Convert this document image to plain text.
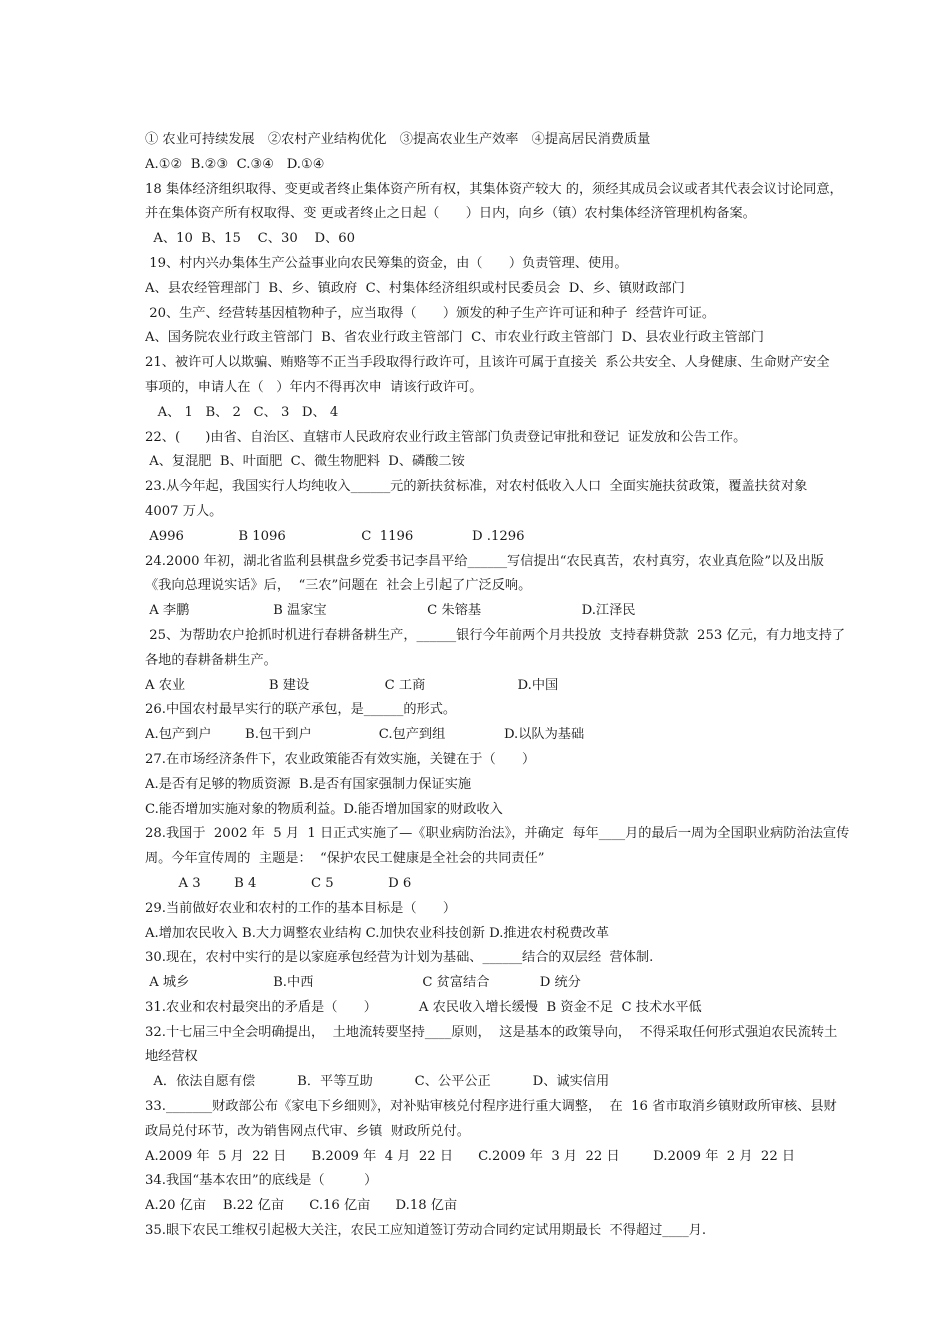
① 农业可持续发展　②农村产业结构优化　③提高农业生产效率　④提高居民消费质量
A.①②  B.②③  C.③④   D.①④
18 集体经济组织取得、变更或者终止集体资产所有权，其集体资产较大 的，须经其成员会议或者其代表会议讨论同意，
并在集体资产所有权取得、变 更或者终止之日起（　　）日内，向乡（镇）农村集体经济管理机构备案。
A、10  B、15    C、30    D、60
19、村内兴办集体生产公益事业向农民筹集的资金，由（　　）负责管理、使用。
A、县农经管理部门  B、乡、镇政府  C、村集体经济组织或村民委员会  D、乡、镇财政部门
20、生产、经营转基因植物种子，应当取得（　　）颁发的种子生产许可证和种子  经营许可证。
A、国务院农业行政主管部门  B、省农业行政主管部门  C、市农业行政主管部门  D、县农业行政主管部门
21、被许可人以欺骗、贿赂等不正当手段取得行政许可，且该许可属于直接关  系公共安全、人身健康、生命财产安全
事项的，申请人在（   ）年内不得再次申  请该行政许可。
A、 1   B、 2   C、 3   D、 4
22、(      )由省、自治区、直辖市人民政府农业行政主管部门负责登记审批和登记  证发放和公告工作。
A、复混肥  B、叶面肥  C、微生物肥料  D、磷酸二铵
23.从今年起，我国实行人均纯收入______元的新扶贫标准，对农村低收入人口  全面实施扶贫政策，覆盖扶贫对象
4007 万人。
A996             B 1096                  C  1196              D .1296
24.2000 年初，湖北省监利县棋盘乡党委书记李昌平给______写信提出“农民真苦，农村真穷，农业真危险”以及出版
《我向总理说实话》后，  “三农”问题在  社会上引起了广泛反响。
A 李鹏                    B 温家宝                        C 朱镕基                        D.江泽民
25、为帮助农户抢抓时机进行春耕备耕生产，______银行今年前两个月共投放  支持春耕贷款  253 亿元，有力地支持了
各地的春耕备耕生产。
A 农业                    B 建设                  C 工商                      D.中国
26.中国农村最早实行的联产承包，是______的形式。
A.包产到户        B.包干到户                C.包产到组              D.以队为基础
27.在市场经济条件下，农业政策能否有效实施，关键在于（　　）
A.是否有足够的物质资源  B.是否有国家强制力保证实施
C.能否增加实施对象的物质利益。D.能否增加国家的财政收入
28.我国于  2002 年  5 月  1 日正式实施了—《职业病防治法》，并确定  每年____月的最后一周为全国职业病防治法宣传
周。今年宣传周的  主题是：  “保护农民工健康是全社会的共同责任”
A 3        B 4             C 5             D 6
29.当前做好农业和农村的工作的基本目标是（　　）
A.增加农民收入 B.大力调整农业结构 C.加快农业科技创新 D.推进农村税费改革
30.现在，农村中实行的是以家庭承包经营为计划为基础、______结合的双层经  营体制.
A 城乡                    B.中西                          C 贫富结合            D 统分
31.农业和农村最突出的矛盾是（　　）          A 农民收入增长缓慢  B 资金不足  C 技术水平低
32.十七届三中全会明确提出，  土地流转要坚持____原则，  这是基本的政策导向，  不得采取任何形式强迫农民流转土
地经营权
A．依法自愿有偿          B．平等互助          C、公平公正          D、诚实信用
33._______财政部公布《家电下乡细则》，对补贴审核兑付程序进行重大调整，  在  16 省市取消乡镇财政所审核、县财
政局兑付环节，改为销售网点代审、乡镇  财政所兑付。
A.2009 年  5 月  22 日      B.2009 年  4 月  22 日      C.2009 年  3 月  22 日        D.2009 年  2 月  22 日
34.我国“基本农田”的底线是（　　　）
A.20 亿亩    B.22 亿亩      C.16 亿亩      D.18 亿亩
35.眼下农民工维权引起极大关注，农民工应知道签订劳动合同约定试用期最长  不得超过____月.
